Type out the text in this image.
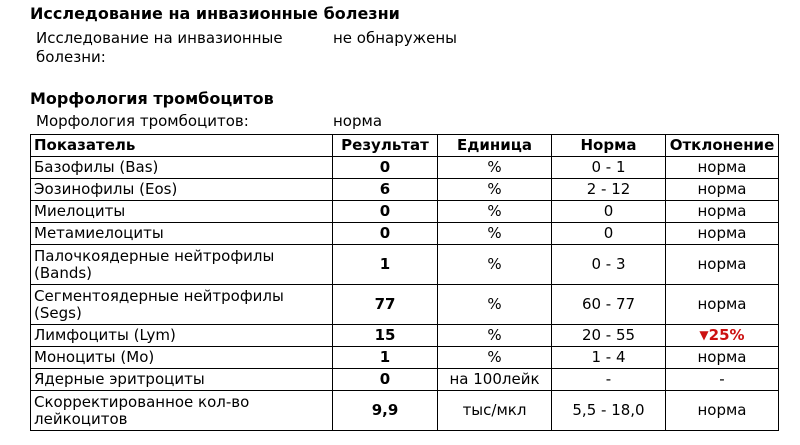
Исследование на инвазионные болезни
Исследование на инвазионные болезни:
не обнаружены
Морфология тромбоцитов
Морфология тромбоцитов:	норма
Показатель	Результат	Единица	Норма	Отклонение
Базофилы (Bas)	0	%	0 - 1	норма
Эозинофилы (Eos)	6	%	2 - 12	норма
Миелоциты	0	%	0	норма
Метамиелоциты	0	%	0	норма
Палочкоядерные нейтрофилы (Bands)	1	%	0 - 3	норма
Сегментоядерные нейтрофилы (Segs)	77	%	60 - 77	норма
Лимфоциты (Lym)	15	%	20 - 55	▼25%
Моноциты (Mo)	1	%	1 - 4	норма
Ядерные эритроциты	0	на 100лейк	-	-
Скорректированное кол-во лейкоцитов	9,9	тыс/мкл	5,5 - 18,0	норма
